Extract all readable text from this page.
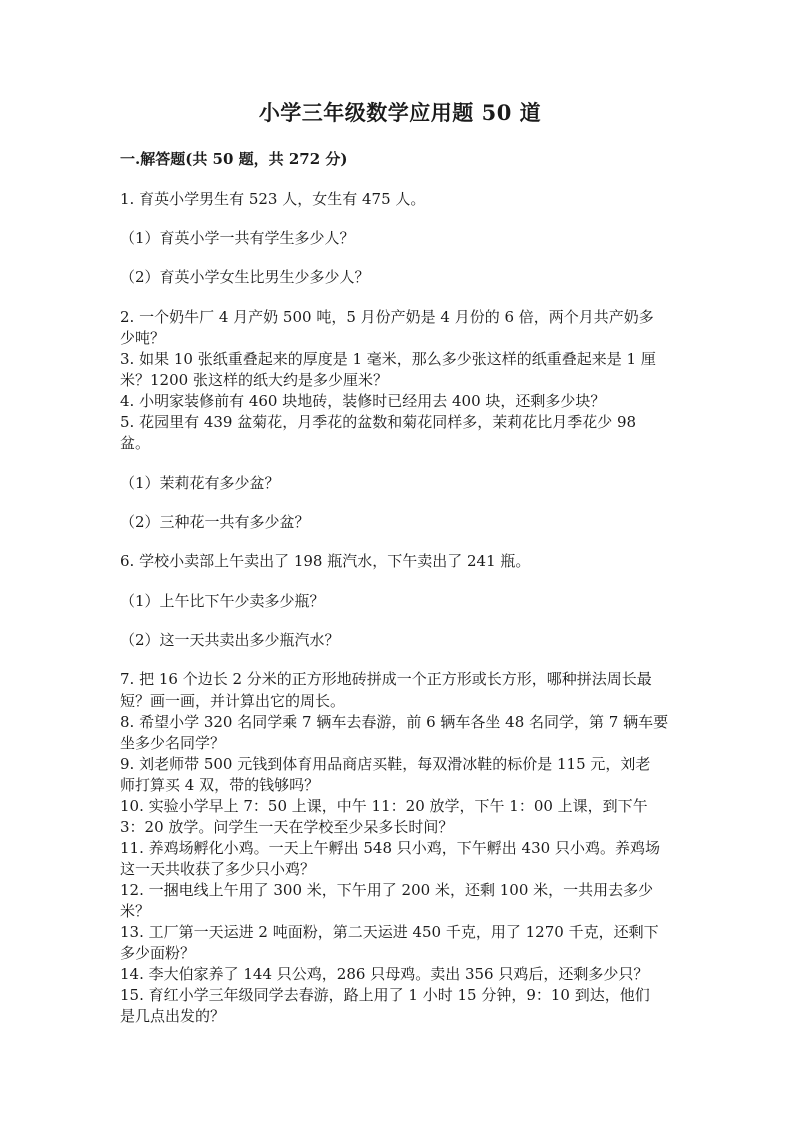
小学三年级数学应用题 50 道
一.解答题(共 50 题，共 272 分)
1. 育英小学男生有 523 人，女生有 475 人。
（1）育英小学一共有学生多少人？
（2）育英小学女生比男生少多少人？
2. 一个奶牛厂 4 月产奶 500 吨，5 月份产奶是 4 月份的 6 倍，两个月共产奶多
少吨？
3. 如果 10 张纸重叠起来的厚度是 1 毫米，那么多少张这样的纸重叠起来是 1 厘
米？1200 张这样的纸大约是多少厘米？
4. 小明家装修前有 460 块地砖，装修时已经用去 400 块，还剩多少块？
5. 花园里有 439 盆菊花，月季花的盆数和菊花同样多，茉莉花比月季花少 98
盆。
（1）茉莉花有多少盆？
（2）三种花一共有多少盆？
6. 学校小卖部上午卖出了 198 瓶汽水，下午卖出了 241 瓶。
（1）上午比下午少卖多少瓶？
（2）这一天共卖出多少瓶汽水？
7. 把 16 个边长 2 分米的正方形地砖拼成一个正方形或长方形，哪种拼法周长最
短？画一画，并计算出它的周长。
8. 希望小学 320 名同学乘 7 辆车去春游，前 6 辆车各坐 48 名同学，第 7 辆车要
坐多少名同学？
9. 刘老师带 500 元钱到体育用品商店买鞋，每双滑冰鞋的标价是 115 元，刘老
师打算买 4 双，带的钱够吗？
10. 实验小学早上 7：50 上课，中午 11：20 放学，下午 1：00 上课，到下午
3：20 放学。问学生一天在学校至少呆多长时间？
11. 养鸡场孵化小鸡。一天上午孵出 548 只小鸡，下午孵出 430 只小鸡。养鸡场
这一天共收获了多少只小鸡？
12. 一捆电线上午用了 300 米，下午用了 200 米，还剩 100 米，一共用去多少
米？
13. 工厂第一天运进 2 吨面粉，第二天运进 450 千克，用了 1270 千克，还剩下
多少面粉？
14. 李大伯家养了 144 只公鸡，286 只母鸡。卖出 356 只鸡后，还剩多少只？
15. 育红小学三年级同学去春游，路上用了 1 小时 15 分钟，9：10 到达，他们
是几点出发的？
